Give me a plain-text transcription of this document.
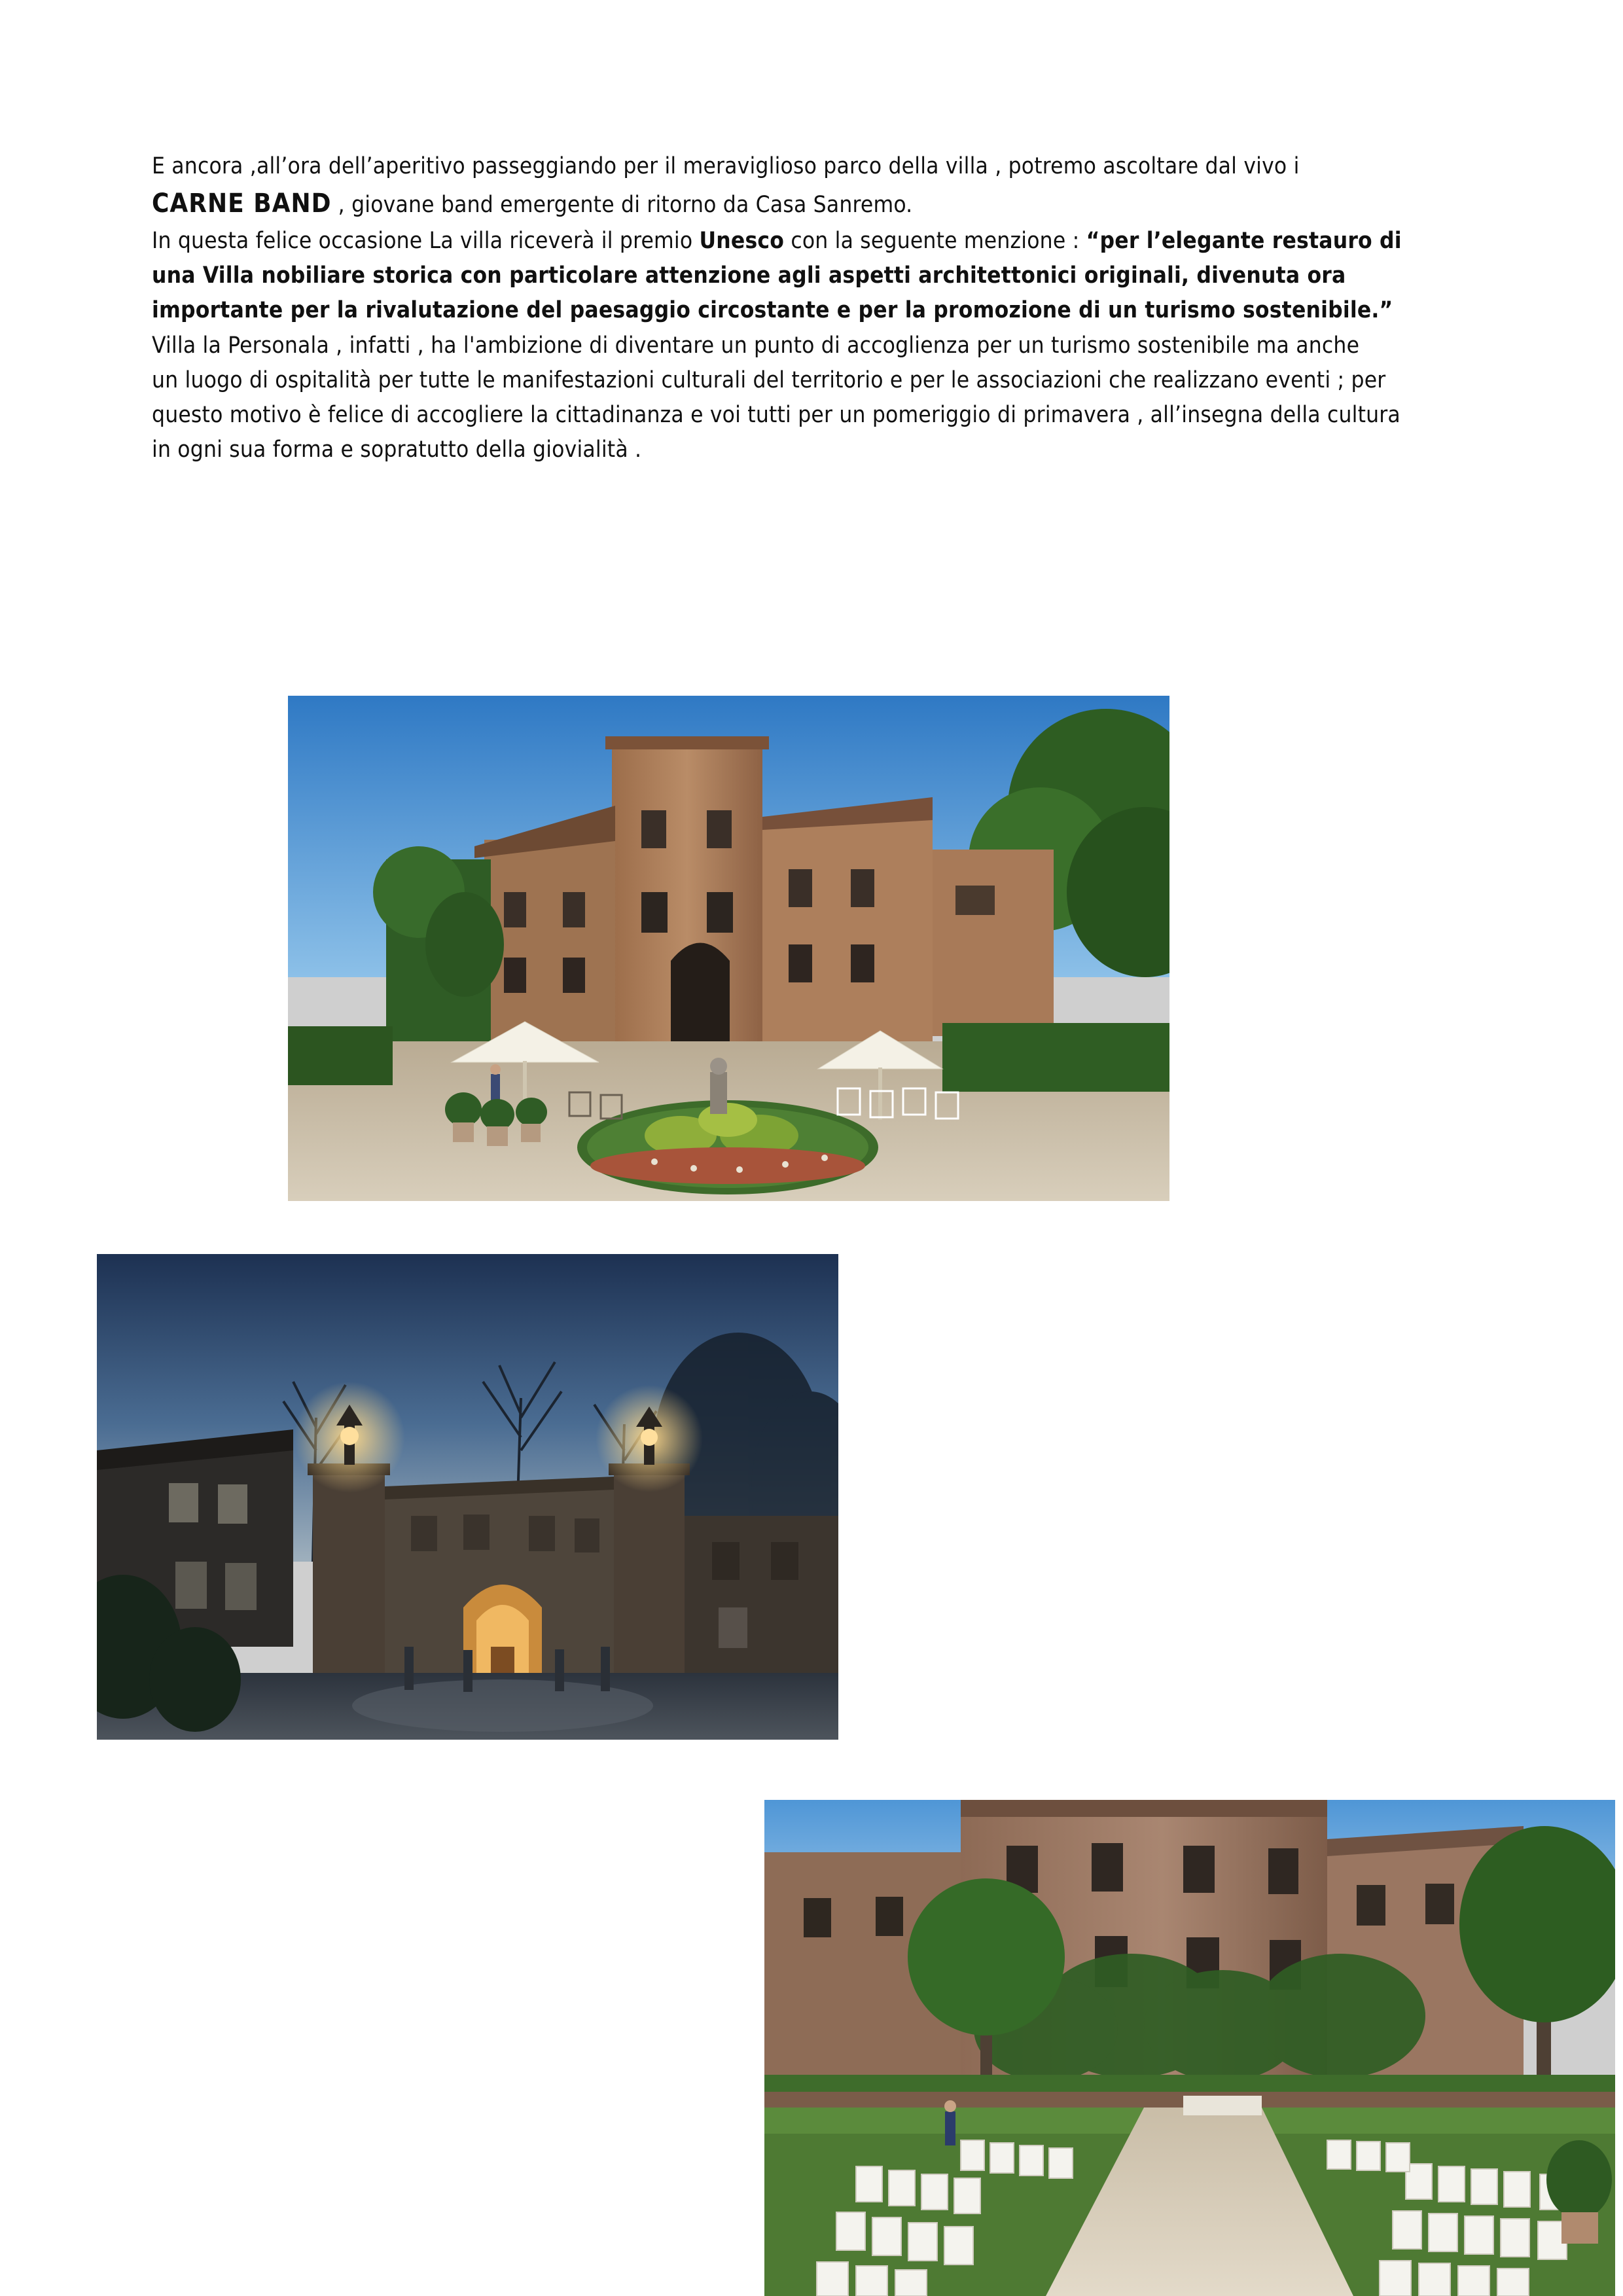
E ancora ,all’ora dell’aperitivo passeggiando per il meraviglioso parco della villa , potremo ascoltare dal vivo i

CARNE BAND , giovane band emergente di ritorno da Casa Sanremo.

In questa felice occasione La villa riceverà il premio Unesco con la seguente menzione : “per l’elegante restauro di
una Villa nobiliare storica con particolare attenzione agli aspetti architettonici originali, divenuta ora
importante per la rivalutazione del paesaggio circostante e per la promozione di un turismo sostenibile.”

Villa la Personala , infatti , ha l'ambizione di diventare un punto di accoglienza per un turismo sostenibile ma anche
un luogo di ospitalità per tutte le manifestazioni culturali del territorio e per le associazioni che realizzano eventi ; per
questo motivo è felice di accogliere la cittadinanza e voi tutti per un pomeriggio di primavera , all’insegna della cultura
in ogni sua forma e sopratutto della giovialità .
